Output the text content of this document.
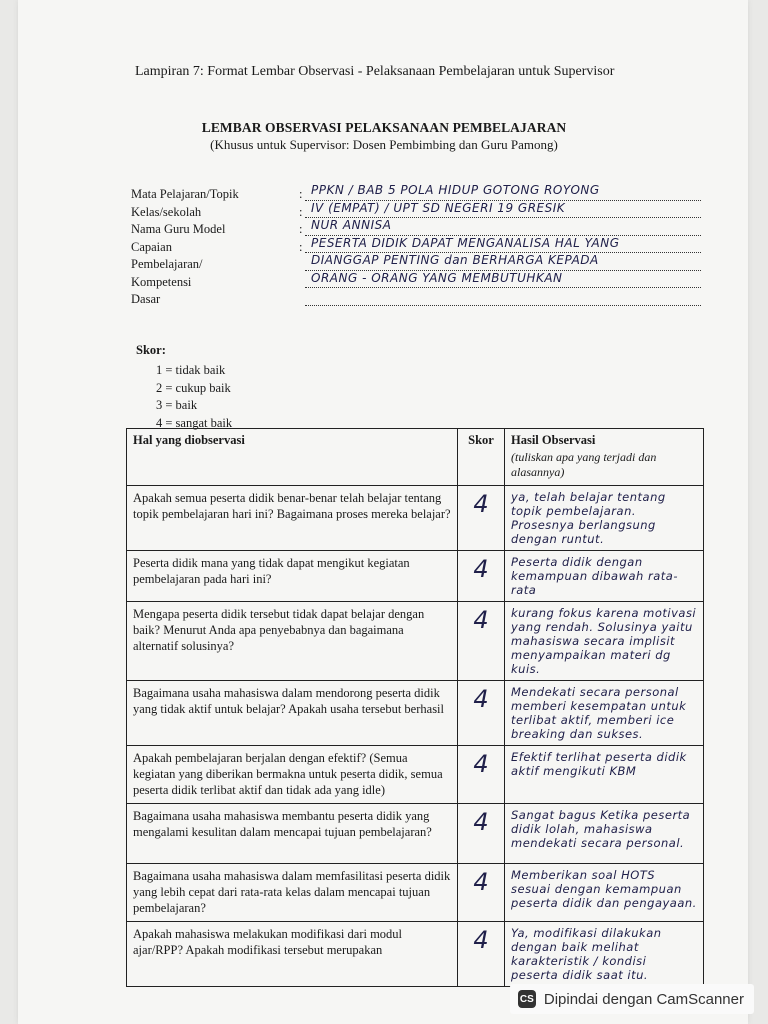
Lampiran 7: Format Lembar Observasi - Pelaksanaan Pembelajaran untuk Supervisor
LEMBAR OBSERVASI PELAKSANAAN PEMBELAJARAN
(Khusus untuk Supervisor: Dosen Pembimbing dan Guru Pamong)
Mata Pelajaran/Topik	: PPKN / BAB 5 POLA HIDUP GOTONG ROYONG
Kelas/sekolah	: IV (EMPAT) / UPT SD NEGERI 19 GRESIK
Nama Guru Model	: NUR ANNISA
Capaian	: PESERTA DIDIK DAPAT MENGANALISA HAL YANG
Pembelajaran/	DIANGGAP PENTING dan BERHARGA KEPADA
Kompetensi	ORANG - ORANG YANG MEMBUTUHKAN
Dasar
Skor:
1 = tidak baik
2 = cukup baik
3 = baik
4 = sangat baik
Hal yang diobservasi	Skor	Hasil Observasi
(tuliskan apa yang terjadi dan alasannya)

Apakah semua peserta didik benar-benar telah belajar tentang topik pembelajaran hari ini? Bagaimana proses mereka belajar?	4	ya, telah belajar tentang topik pembelajaran. Prosesnya berlangsung dengan runtut.
Peserta didik mana yang tidak dapat mengikut kegiatan pembelajaran pada hari ini?	4	Peserta didik dengan kemampuan dibawah rata-rata
Mengapa peserta didik tersebut tidak dapat belajar dengan baik? Menurut Anda apa penyebabnya dan bagaimana alternatif solusinya?	4	kurang fokus karena motivasi yang rendah. Solusinya yaitu mahasiswa secara implisit menyampaikan materi dg kuis.
Bagaimana usaha mahasiswa dalam mendorong peserta didik yang tidak aktif untuk belajar? Apakah usaha tersebut berhasil	4	Mendekati secara personal memberi kesempatan untuk terlibat aktif, memberi ice breaking dan sukses.
Apakah pembelajaran berjalan dengan efektif? (Semua kegiatan yang diberikan bermakna untuk peserta didik, semua peserta didik terlibat aktif dan tidak ada yang idle)	4	Efektif terlihat peserta didik aktif mengikuti KBM
Bagaimana usaha mahasiswa membantu peserta didik yang mengalami kesulitan dalam mencapai tujuan pembelajaran?	4	Sangat bagus Ketika peserta didik lolah, mahasiswa mendekati secara personal.
Bagaimana usaha mahasiswa dalam memfasilitasi peserta didik yang lebih cepat dari rata-rata kelas dalam mencapai tujuan pembelajaran?	4	Memberikan soal HOTS sesuai dengan kemampuan peserta didik dan pengayaan.
Apakah mahasiswa melakukan modifikasi dari modul ajar/RPP? Apakah modifikasi tersebut merupakan	4	Ya, modifikasi dilakukan dengan baik melihat karakteristik / kondisi peserta didik saat itu.
CS Dipindai dengan CamScanner
